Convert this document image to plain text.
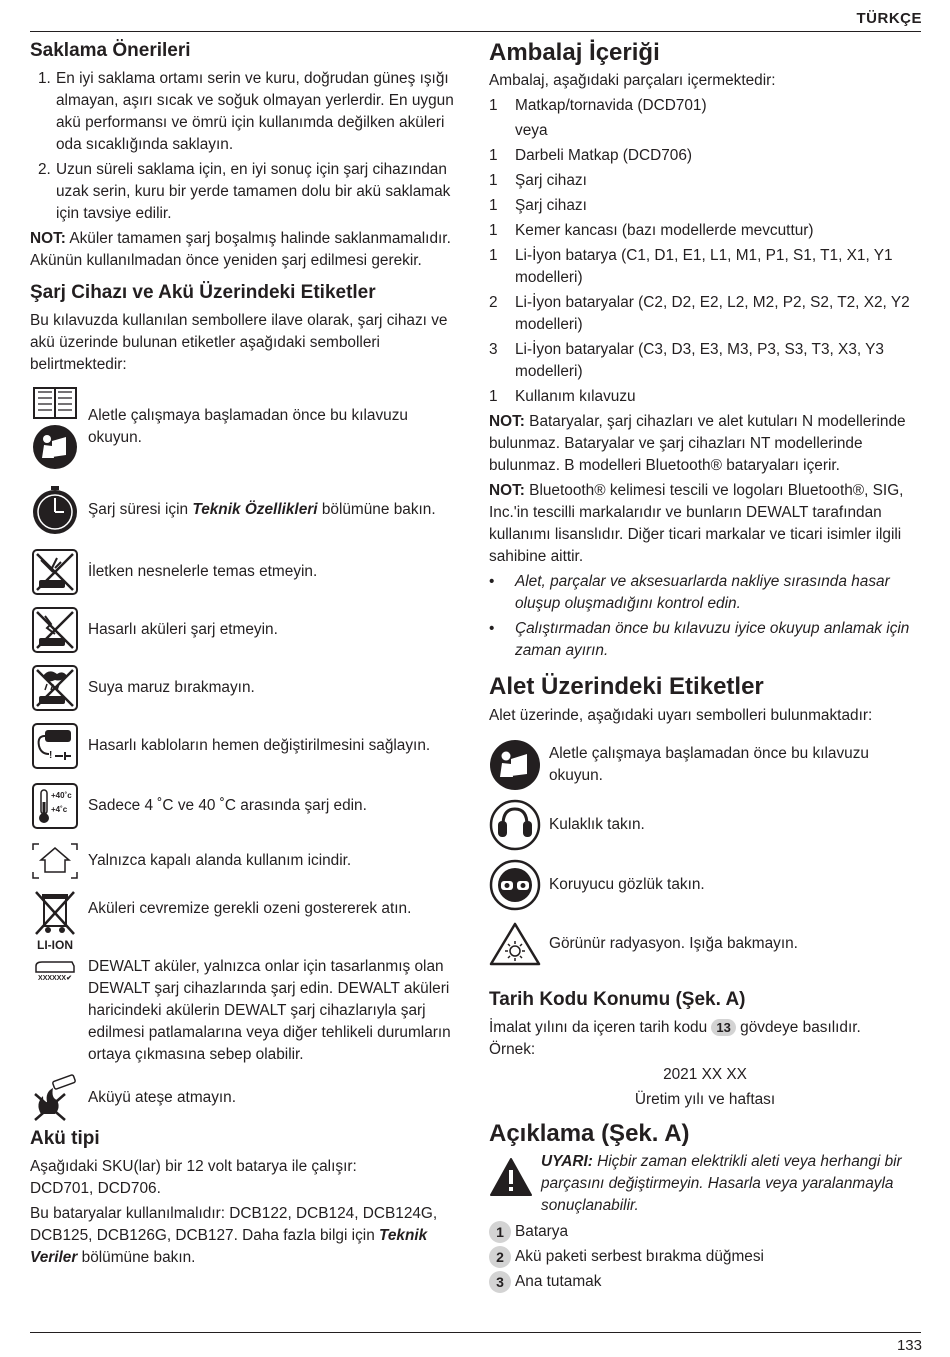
TÜRKÇE
Saklama Önerileri
1. En iyi saklama ortamı serin ve kuru, doğrudan güneş ışığı almayan, aşırı sıcak ve soğuk olmayan yerlerdir. En uygun akü performansı ve ömrü için kullanımda değilken aküleri oda sıcaklığında saklayın.
2. Uzun süreli saklama için, en iyi sonuç için şarj cihazından uzak serin, kuru bir yerde tamamen dolu bir akü saklamak için tavsiye edilir.

NOT: Aküler tamamen şarj boşalmış halinde saklanmamalıdır. Akünün kullanılmadan önce yeniden şarj edilmesi gerekir.

Şarj Cihazı ve Akü Üzerindeki Etiketler

Bu kılavuzda kullanılan sembollere ilave olarak, şarj cihazı ve akü üzerinde bulunan etiketler aşağıdaki sembolleri belirtmektedir:

Aletle çalışmaya başlamadan önce bu kılavuzu okuyun.
Şarj süresi için Teknik Özellikleri bölümüne bakın.
İletken nesnelerle temas etmeyin.
Hasarlı aküleri şarj etmeyin.
Suya maruz bırakmayın.
!
Hasarlı kabloların hemen değiştirilmesini sağlayın.
+40˚c
+4˚c	Sadece 4 ˚C ve 40 ˚C arasında şarj edin.
Yalnızca kapalı alanda kullanım icindir.
LI-ION
Aküleri cevremize gerekli ozeni gostererek atın.
XXXXXX✔
DEWALT aküler, yalnızca onlar için tasarlanmış olan DEWALT şarj cihazlarında şarj edin. DEWALT aküleri haricindeki akülerin DEWALT şarj cihazlarıyla şarj edilmesi patlamalarına veya diğer tehlikeli durumların ortaya çıkmasına sebep olabilir.
Aküyü ateşe atmayın.
Akü tipi

Aşağıdaki SKU(lar) bir 12 volt batarya ile çalışır:

DCD701, DCD706.

Bu bataryalar kullanılmalıdır: DCB122, DCB124, DCB124G, DCB125, DCB126G, DCB127. Daha fazla bilgi için Teknik Veriler bölümüne bakın.

Ambalaj İçeriği

Ambalaj, aşağıdaki parçaları içermektedir:

1	Matkap/tornavida (DCD701)
veya
1	Darbeli Matkap (DCD706)
1	Şarj cihazı
1	Şarj cihazı
1	Kemer kancası (bazı modellerde mevcuttur)
1	Li-İyon batarya (C1, D1, E1, L1, M1, P1, S1, T1, X1, Y1 modelleri)
2	Li-İyon bataryalar (C2, D2, E2, L2, M2, P2, S2, T2, X2, Y2 modelleri)
3	Li-İyon bataryalar (C3, D3, E3, M3, P3, S3, T3, X3, Y3 modelleri)
1	Kullanım kılavuzu

NOT: Bataryalar, şarj cihazları ve alet kutuları N modellerinde bulunmaz. Bataryalar ve şarj cihazları NT modellerinde bulunmaz. B modelleri Bluetooth® bataryaları içerir.

NOT: Bluetooth® kelimesi tescili ve logoları Bluetooth®, SIG, Inc.'in tescilli markalarıdır ve bunların DEWALT tarafından kullanımı lisanslıdır. Diğer ticari markalar ve ticari isimler ilgili sahibine aittir.

•	Alet, parçalar ve aksesuarlarda nakliye sırasında hasar oluşup oluşmadığını kontrol edin.
•	Çalıştırmadan önce bu kılavuzu iyice okuyup anlamak için zaman ayırın.
Alet Üzerindeki Etiketler

Alet üzerinde, aşağıdaki uyarı sembolleri bulunmaktadır:

Aletle çalışmaya başlamadan önce bu kılavuzu okuyun.
Kulaklık takın.
Koruyucu gözlük takın.
Görünür radyasyon. Işığa bakmayın.
Tarih Kodu Konumu (Şek. A)

İmalat yılını da içeren tarih kodu 13 gövdeye basılıdır.

Örnek:

2021 XX XX

Üretim yılı ve haftası

Açıklama (Şek. A)

UYARI: Hiçbir zaman elektrikli aleti veya herhangi bir parçasını değiştirmeyin. Hasarla veya yaralanmayla sonuçlanabilir.

1 Batarya
2 Akü paketi serbest bırakma düğmesi
3 Ana tutamak
133
